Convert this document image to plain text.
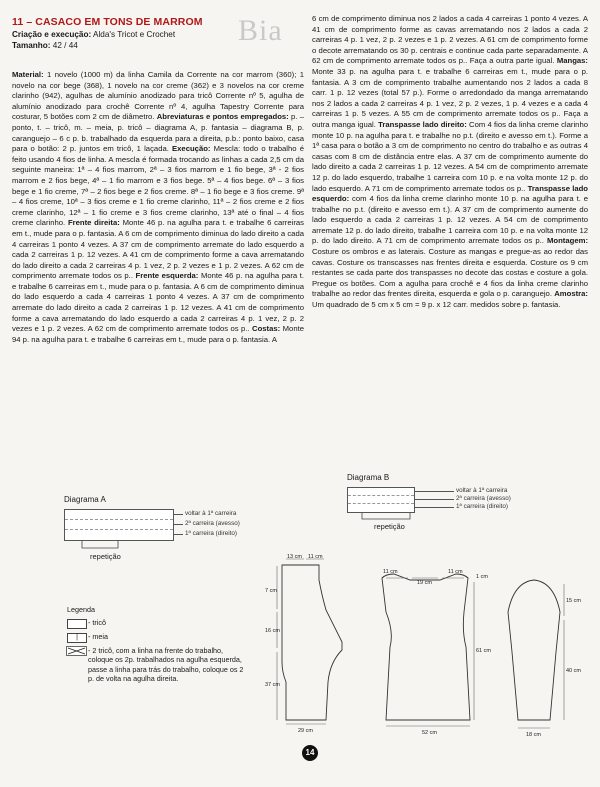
11 – CASACO EM TONS DE MARROM Bia
Criação e execução: Alda's Tricot e Crochet
Tamanho: 42 / 44

Material: 1 novelo (1000 m) da linha Camila da Corrente na cor marrom (360); 1 novelo na cor bege (368), 1 novelo na cor creme (362) e 3 novelos na cor creme clarinho (942), agulhas de alumínio anodizado para tricô Corrente nº 5, agulha de alumínio anodizado para crochê Corrente nº 4, agulha Tapestry Corrente para costurar, 5 botões com 2 cm de diâmetro. Abreviaturas e pontos empregados: p. – ponto, t. – tricô, m. – meia, p. tricô – diagrama A, p. fantasia – diagrama B, p. caranguejo – 6 c p. b. trabalhado da esquerda para a direita, p.b.: ponto baixo, casa para o botão: 2 p. juntos em tricô, 1 laçada. Execução: Mescla: todo o trabalho é feito usando 4 fios de linha. A mescla é formada trocando as linhas a cada 2,5 cm da seguinte maneira: 1ª – 4 fios marrom, 2ª – 3 fios marrom e 1 fio bege, 3ª - 2 fios marrom e 2 fios bege, 4ª – 1 fio marrom e 3 fios bege. 5ª – 4 fios bege. 6ª – 3 fios bege e 1 fio creme, 7ª – 2 fios bege e 2 fios creme. 8ª – 1 fio bege e 3 fios creme. 9ª – 4 fios creme, 10ª – 3 fios creme e 1 fio creme clarinho, 11ª – 2 fios creme e 2 fios creme clarinho, 12ª – 1 fio creme e 3 fios creme clarinho, 13ª até o final – 4 fios creme clarinho. Frente direita: Monte 46 p. na agulha para t. e trabalhe 6 carreiras em t., mude para o p. fantasia. A 6 cm de comprimento diminua do lado direito a cada 4 carreiras 1 ponto 4 vezes. A 37 cm de comprimento arremate do lado esquerdo a cada 2 carreiras 1 p. 12 vezes. A 41 cm de comprimento forme a cava arrematando do lado direito a cada 2 carreiras 4 p. 1 vez, 2 p. 2 vezes e 1 p. 2 vezes. A 62 cm de comprimento arremate todos os p.. Frente esquerda: Monte 46 p. na agulha para t. e trabalhe 6 carreiras em t., mude para o p. fantasia. A 6 cm de comprimento diminua do lado esquerdo a cada 4 carreiras 1 ponto 4 vezes. A 37 cm de comprimento arremate do lado direito a cada 2 carreiras 1 p. 12 vezes. A 41 cm de comprimento forme a cava arrematando do lado esquerdo a cada 2 carreiras 4 p. 1 vez, 2 p. 2 vezes e 1 p. 2 vezes. A 62 cm de comprimento arremate todos os p.. Costas: Monte 94 p. na agulha para t. e trabalhe 6 carreiras em t., mude para o p. fantasia. A

6 cm de comprimento diminua nos 2 lados a cada 4 carreiras 1 ponto 4 vezes. A 41 cm de comprimento forme as cavas arrematando nos 2 lados a cada 2 carreiras 4 p. 1 vez, 2 p. 2 vezes e 1 p. 2 vezes. A 61 cm de comprimento forme o decote arrematando os 30 p. centrais e continue cada parte separadamente. A 62 cm de comprimento arremate todos os p.. Faça a outra parte igual. Mangas: Monte 33 p. na agulha para t. e trabalhe 6 carreiras em t., mude para o p. fantasia. A 3 cm de comprimento trabalhe aumentando nos 2 lados a cada 8 carr. 1 p. 12 vezes (total 57 p.). Forme o arredondado da manga arrematando nos 2 lados a cada 2 carreiras 4 p. 1 vez, 2 p. 2 vezes, 1 p. 4 vezes e a cada 4 carreiras 1 p. 5 vezes. A 55 cm de comprimento arremate todos os p.. Faça a outra manga igual. Transpasse lado direito: Com 4 fios da linha creme clarinho monte 10 p. na agulha para t. e trabalhe no p.t. (direito e avesso em t.). Forme a 1ª casa para o botão a 3 cm de comprimento no centro do trabalho e as outras 4 casas com 8 cm de distância entre elas. A 37 cm de comprimento aumente do lado direito a cada 2 carreiras 1 p. 12 vezes. A 54 cm de comprimento arremate 12 p. do lado esquerdo, trabalhe 1 carreira com 10 p. e na volta monte 12 p. do lado esquerdo. A 71 cm de comprimento arremate todos os p.. Transpasse lado esquerdo: com 4 fios da linha creme clarinho monte 10 p. na agulha para t. e trabalhe no p.t. (direito e avesso em t.). A 37 cm de comprimento aumente do lado esquerdo a cada 2 carreiras 1 p. 12 vezes. A 54 cm de comprimento arremate 12 p. do lado direito, trabalhe 1 carreira com 10 p. e na volta monte 12 p. do lado direito. A 71 cm de comprimento arremate todos os p.. Montagem: Costure os ombros e as laterais. Costure as mangas e pregue-as ao redor das cavas. Costure os transcasses nas frentes direita e esquerda. Costure os 9 cm restantes se cada parte dos transpasses no decote das costas e costure a gola. Pregue os botões. Com a agulha para crochê e 4 fios da linha creme clarinho trabalhe ao redor das frentes direita, esquerda e gola o p. caranguejo. Amostra: Um quadrado de 5 cm x 5 cm = 9 p. x 12 carr. medidos sobre p. fantasia.

Diagrama B
voltar à 1ª carreira
2ª carreira (avesso)
1ª carreira (direito)
repetição
Diagrama A
voltar à 1ª carreira
2ª carreira (avesso)
1ª carreira (direito)
repetição
Legenda
- tricô
|	- meia
- 2 tricô, com a linha na frente do trabalho, coloque os 2p. trabalhados na agulha esquerda, passe a linha para trás do trabalho, coloque os 2 p. de volta na agulha direita.
13 cm 11 cm
7 cm
16 cm
37 cm
29 cm
11 cm
19 cm
11 cm
1 cm
61 cm
52 cm
15 cm
40 cm
18 cm
14
